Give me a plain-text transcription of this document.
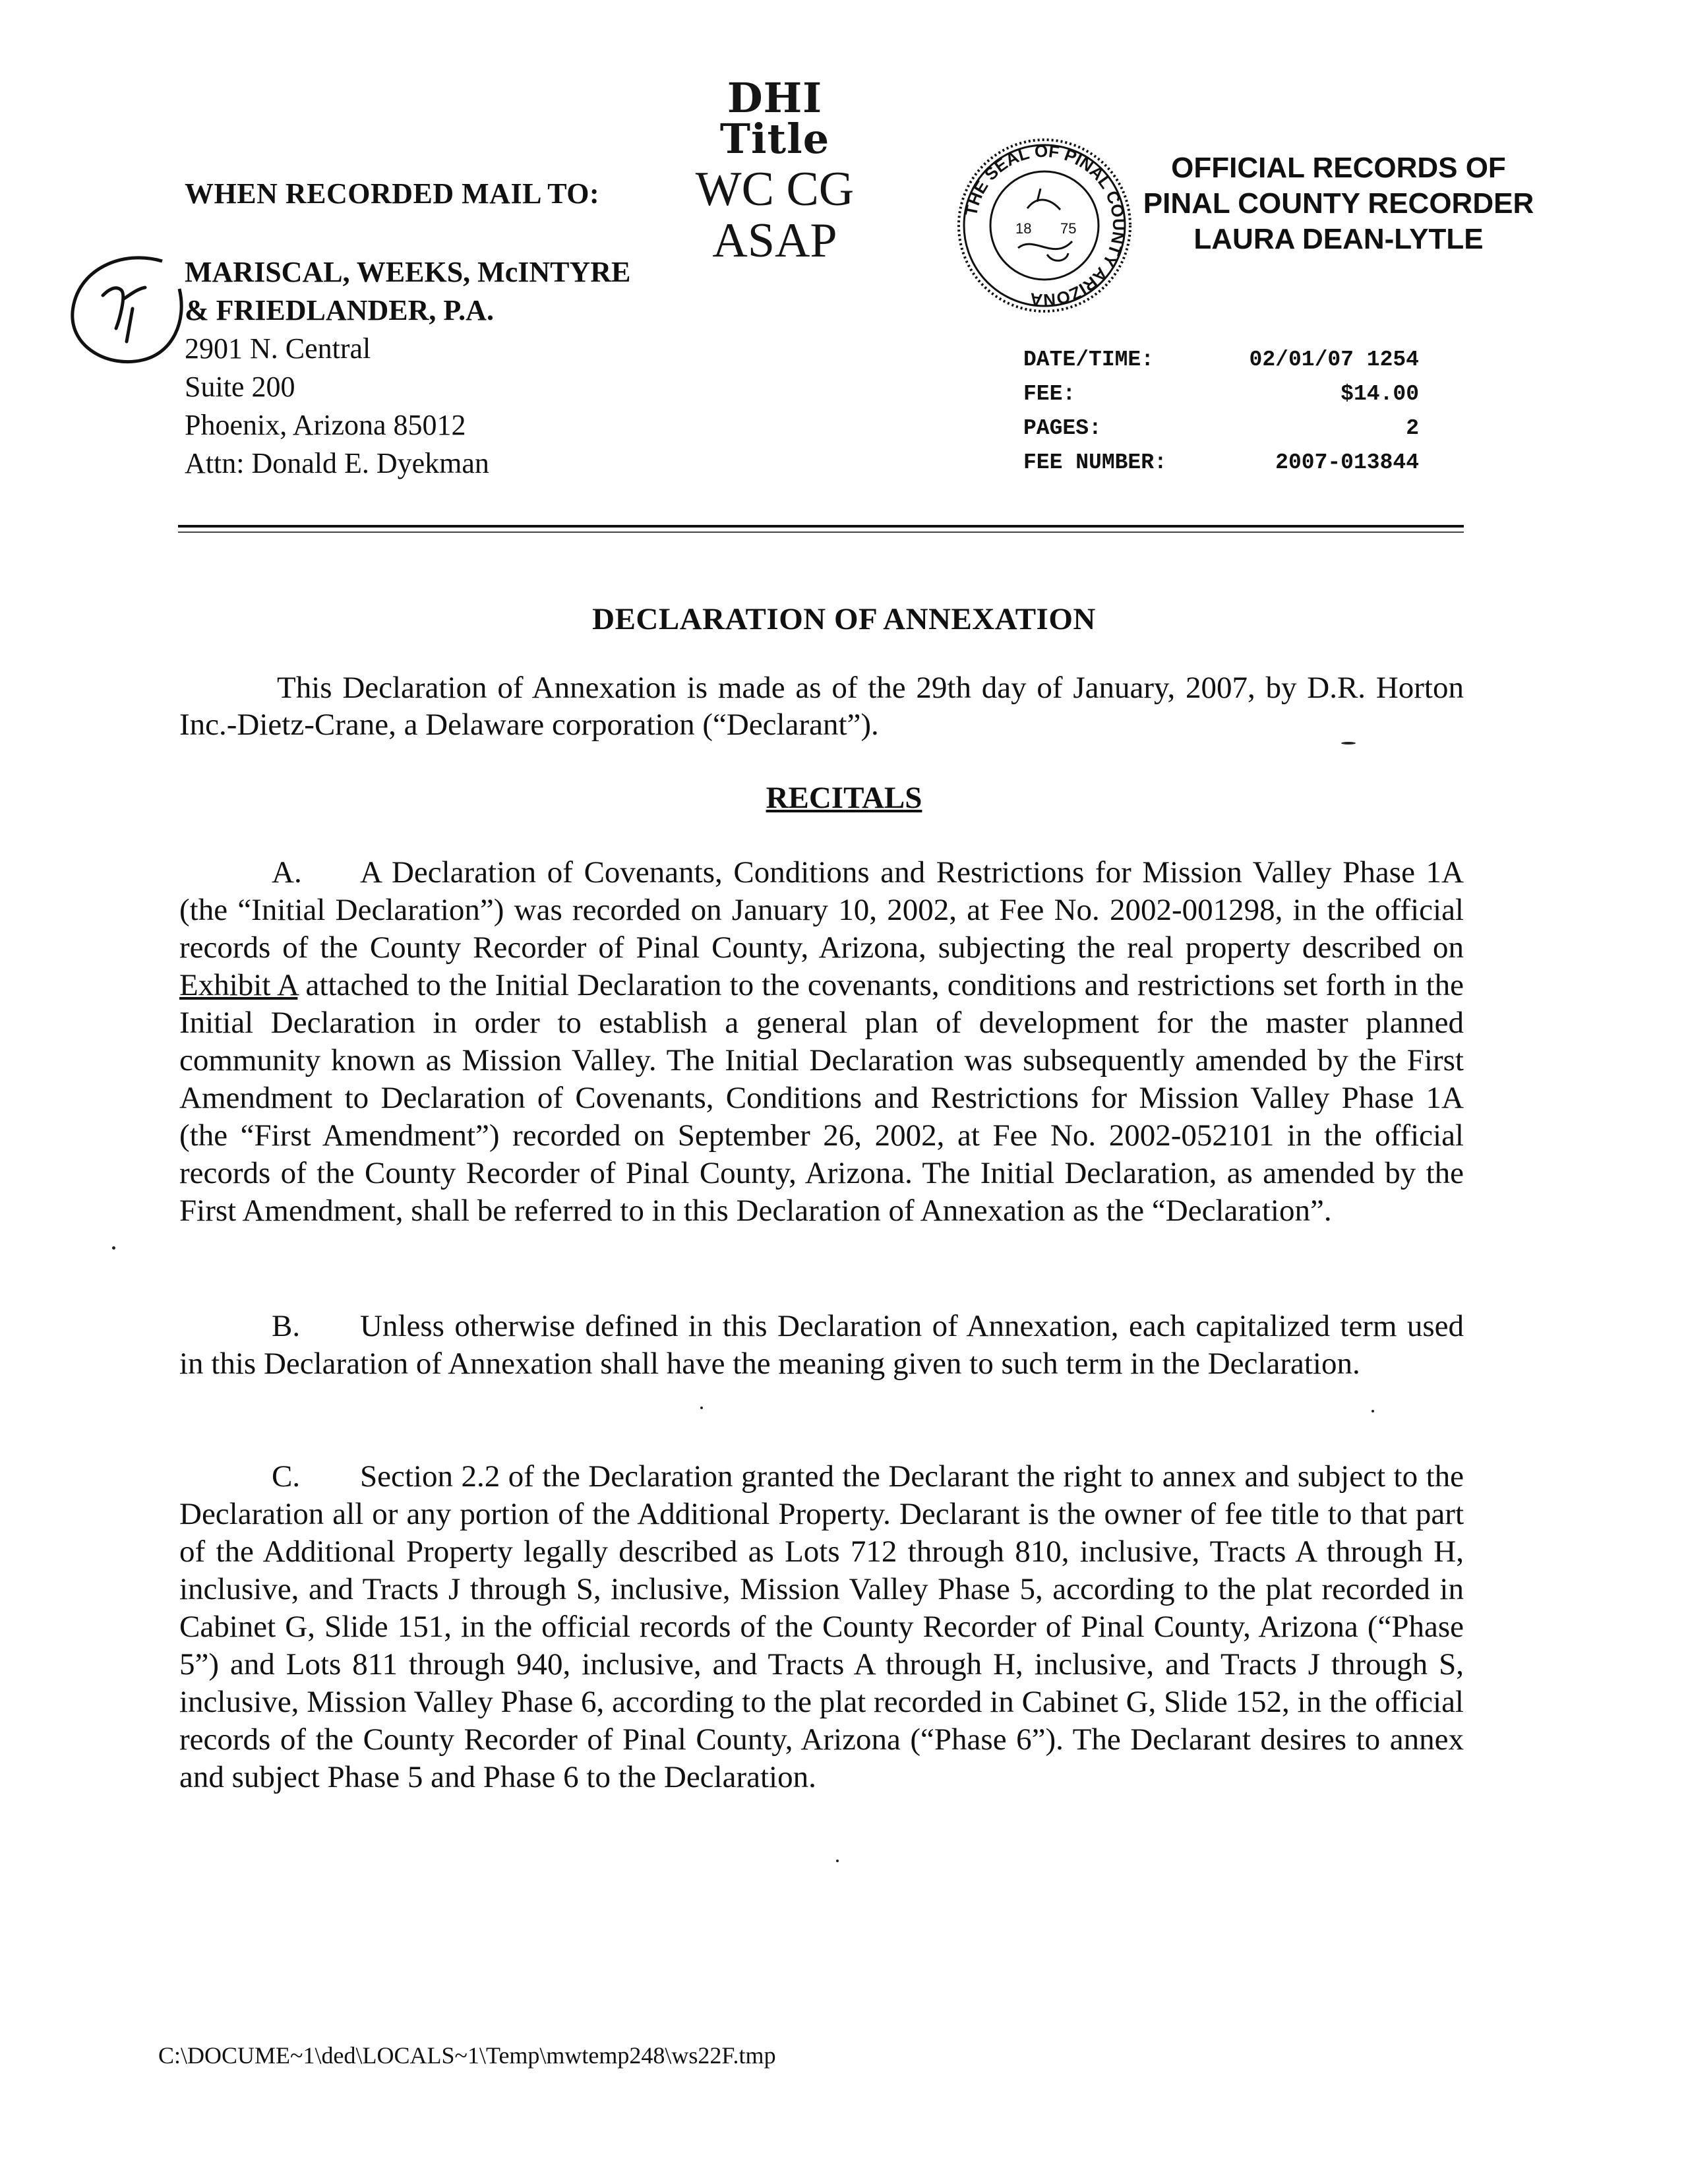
DHI Title
WC CG
ASAP
WHEN RECORDED MAIL TO:
MARISCAL, WEEKS, McINTYRE
& FRIEDLANDER, P.A.
2901 N. Central
Suite 200
Phoenix, Arizona 85012
Attn: Donald E. Dyekman
THE SEAL OF PINAL COUNTY ARIZONA
18 75
OFFICIAL RECORDS OF
PINAL COUNTY RECORDER
LAURA DEAN-LYTLE
DATE/TIME:	02/01/07 1254
FEE:	$14.00
PAGES:	2
FEE NUMBER:	2007-013844
DECLARATION OF ANNEXATION
This Declaration of Annexation is made as of the 29th day of January, 2007, by D.R. Horton Inc.-Dietz-Crane, a Delaware corporation (“Declarant”).
RECITALS
A. A Declaration of Covenants, Conditions and Restrictions for Mission Valley Phase 1A (the “Initial Declaration”) was recorded on January 10, 2002, at Fee No. 2002-001298, in the official records of the County Recorder of Pinal County, Arizona, subjecting the real property described on Exhibit A attached to the Initial Declaration to the covenants, conditions and restrictions set forth in the Initial Declaration in order to establish a general plan of development for the master planned community known as Mission Valley. The Initial Declaration was subsequently amended by the First Amendment to Declaration of Covenants, Conditions and Restrictions for Mission Valley Phase 1A (the “First Amendment”) recorded on September 26, 2002, at Fee No. 2002-052101 in the official records of the County Recorder of Pinal County, Arizona. The Initial Declaration, as amended by the First Amendment, shall be referred to in this Declaration of Annexation as the “Declaration”.
B. Unless otherwise defined in this Declaration of Annexation, each capitalized term used in this Declaration of Annexation shall have the meaning given to such term in the Declaration.
C. Section 2.2 of the Declaration granted the Declarant the right to annex and subject to the Declaration all or any portion of the Additional Property. Declarant is the owner of fee title to that part of the Additional Property legally described as Lots 712 through 810, inclusive, Tracts A through H, inclusive, and Tracts J through S, inclusive, Mission Valley Phase 5, according to the plat recorded in Cabinet G, Slide 151, in the official records of the County Recorder of Pinal County, Arizona (“Phase 5”) and Lots 811 through 940, inclusive, and Tracts A through H, inclusive, and Tracts J through S, inclusive, Mission Valley Phase 6, according to the plat recorded in Cabinet G, Slide 152, in the official records of the County Recorder of Pinal County, Arizona (“Phase 6”). The Declarant desires to annex and subject Phase 5 and Phase 6 to the Declaration.
C:\DOCUME~1\ded\LOCALS~1\Temp\mwtemp248\ws22F.tmp
